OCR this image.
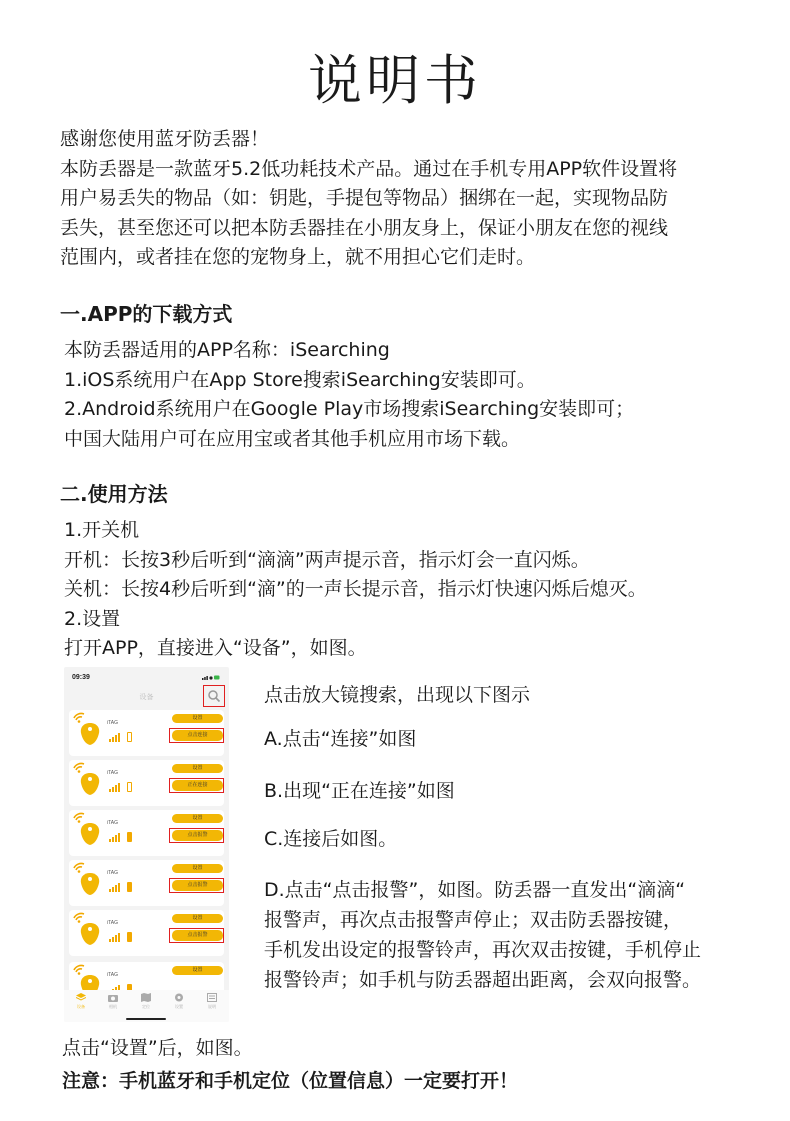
说明书
感谢您使用蓝牙防丢器！
本防丢器是一款蓝牙5.2低功耗技术产品。通过在手机专用APP软件设置将
用户易丢失的物品（如：钥匙，手提包等物品）捆绑在一起，实现物品防
丢失，甚至您还可以把本防丢器挂在小朋友身上，保证小朋友在您的视线
范围内，或者挂在您的宠物身上，就不用担心它们走时。
一.APP的下载方式
本防丢器适用的APP名称：iSearching
1.iOS系统用户在App Store搜索iSearching安装即可。
2.Android系统用户在Google Play市场搜索iSearching安装即可；
中国大陆用户可在应用宝或者其他手机应用市场下载。
二.使用方法
1.开关机
开机：长按3秒后听到“滴滴”两声提示音，指示灯会一直闪烁。
关机：长按4秒后听到“滴”的一声长提示音，指示灯快速闪烁后熄灭。
2.设置
打开APP，直接进入“设备”，如图。
09:39
设备
iTAG
设置
点击连接
iTAG
设置
正在连接
iTAG
设置
点击报警
iTAG
设置
点击报警
iTAG
设置
点击报警
iTAG
设置
设备	相机	定位	设置	说明
点击放大镜搜索，出现以下图示
A.点击“连接”如图
B.出现“正在连接”如图
C.连接后如图。
D.点击“点击报警”，如图。防丢器一直发出“滴滴“
报警声，再次点击报警声停止；双击防丢器按键，
手机发出设定的报警铃声，再次双击按键，手机停止
报警铃声；如手机与防丢器超出距离，会双向报警。
点击“设置”后，如图。
注意：手机蓝牙和手机定位（位置信息）一定要打开！
